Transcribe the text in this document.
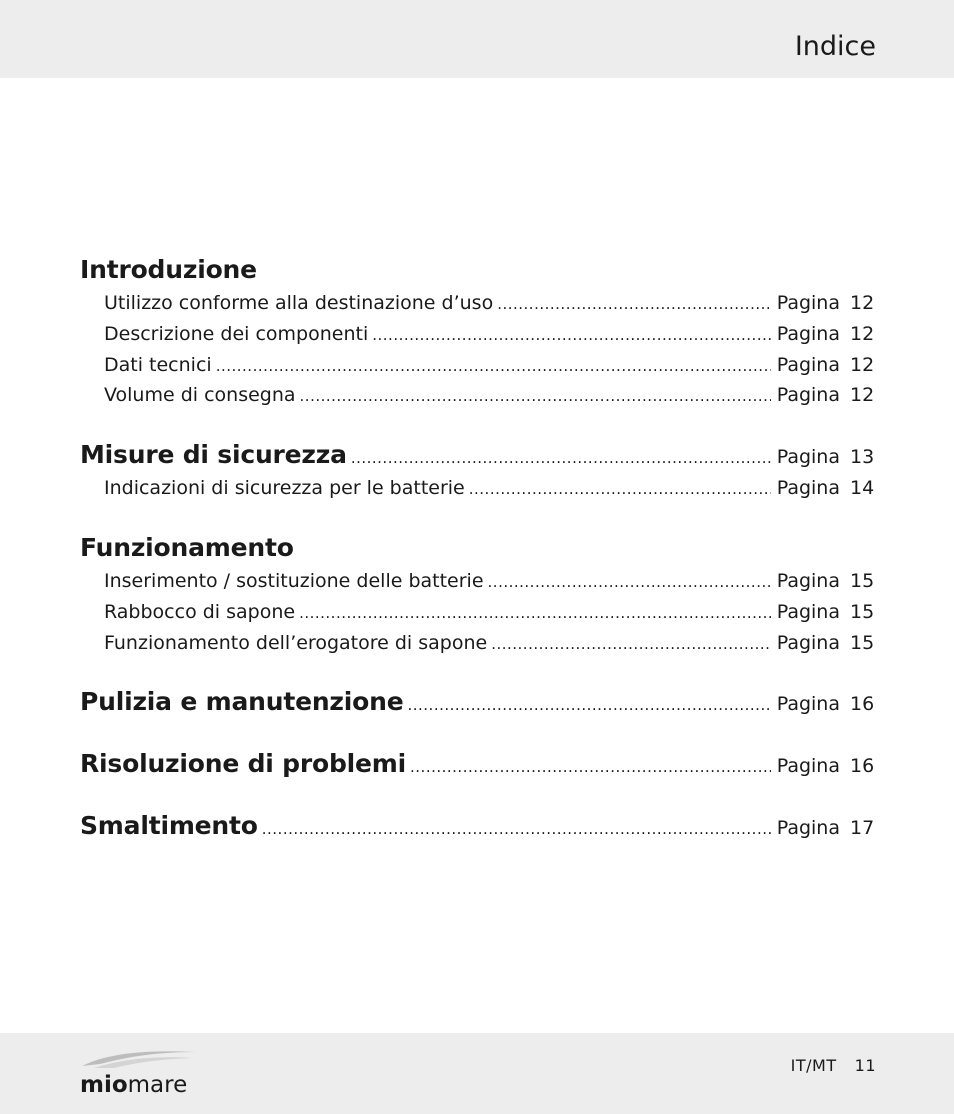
Indice
Introduzione
Utilizzo conforme alla destinazione d’uso .....	Pagina 12
Descrizione dei componenti .....	Pagina 12
Dati tecnici .....	Pagina 12
Volume di consegna .....	Pagina 12
Misure di sicurezza .....	Pagina 13
Indicazioni di sicurezza per le batterie .....	Pagina 14
Funzionamento
Inserimento / sostituzione delle batterie .....	Pagina 15
Rabbocco di sapone .....	Pagina 15
Funzionamento dell’erogatore di sapone .....	Pagina 15
Pulizia e manutenzione .....	Pagina 16
Risoluzione di problemi .....	Pagina 16
Smaltimento .....	Pagina 17
miomare
IT/MT 11
